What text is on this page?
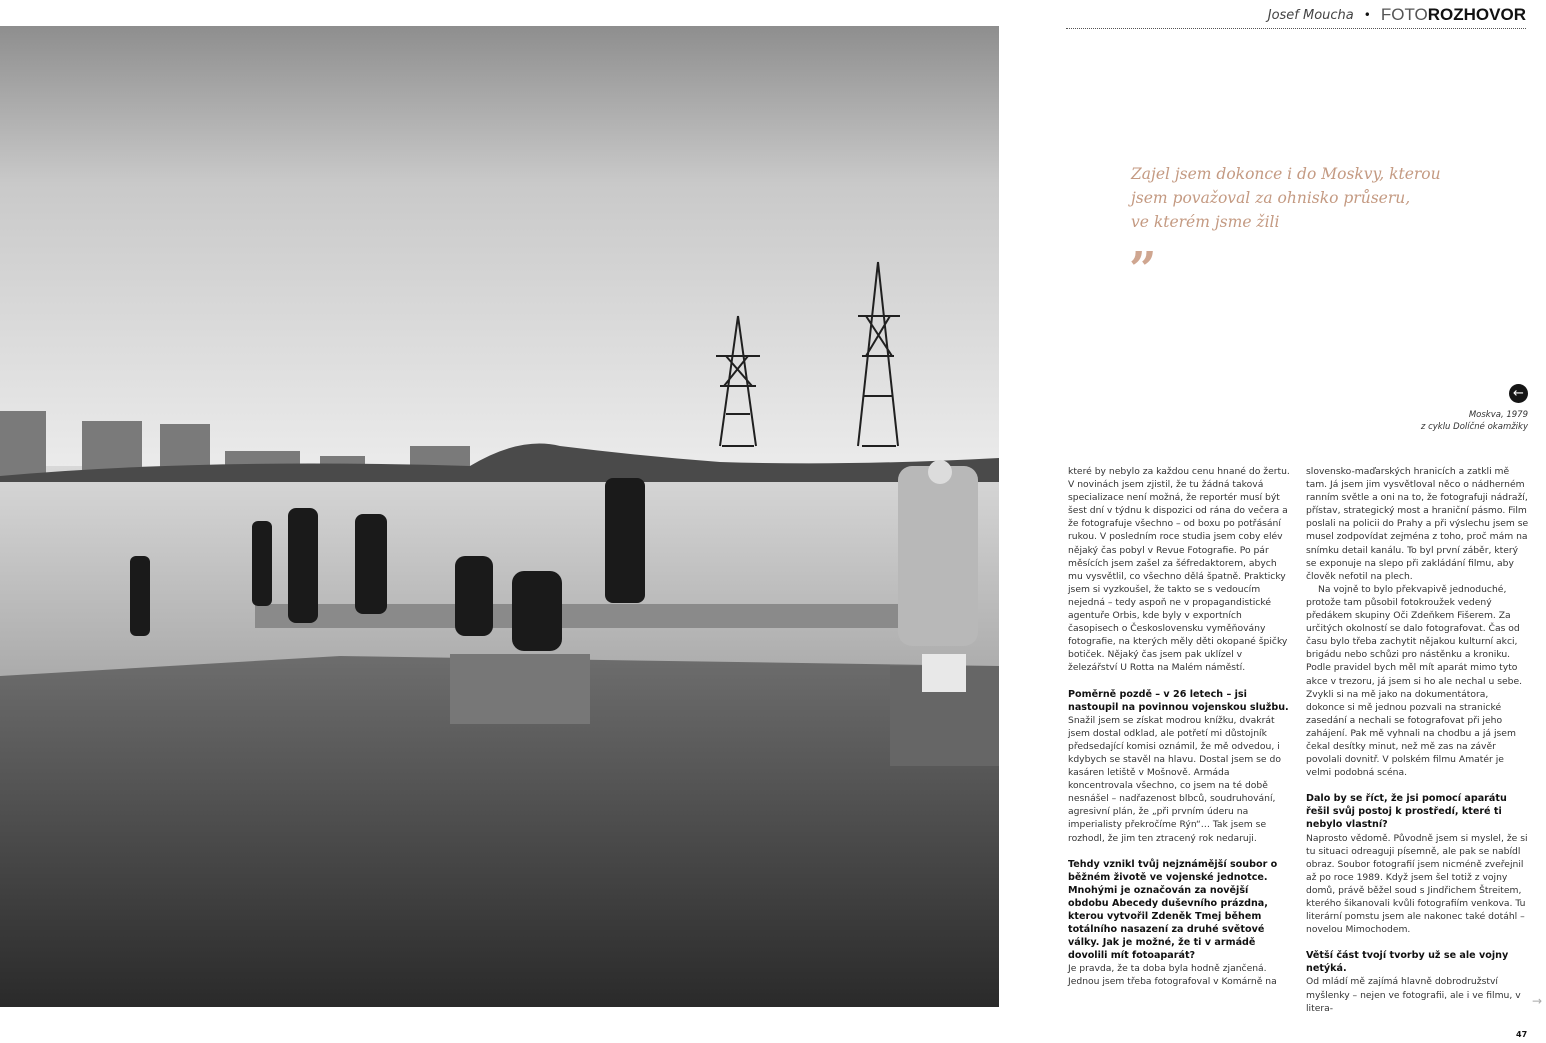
Josef Moucha • FOTOROZHOVOR

Zajel jsem dokonce i do Moskvy, kterou
jsem považoval za ohnisko průseru,
ve kterém jsme žili

”
←
Moskva, 1979
z cyklu Dolíčné okamžiky

které by nebylo za každou cenu hnané do žertu. V novinách jsem zjistil, že tu žádná taková specializace není možná, že reportér musí být šest dní v týdnu k dispozici od rána do večera a že fotografuje všechno – od boxu po potřásání rukou. V posledním roce studia jsem coby elév nějaký čas pobyl v Revue Fotografie. Po pár měsících jsem zašel za šéfredaktorem, abych mu vysvětlil, co všechno dělá špatně. Prakticky jsem si vyzkoušel, že takto se s vedoucím nejedná – tedy aspoň ne v propagandistické agentuře Orbis, kde byly v exportních časopisech o Československu vyměňovány fotografie, na kterých měly děti okopané špičky botiček. Nějaký čas jsem pak uklízel v železářství U Rotta na Malém náměstí.

Poměrně pozdě – v 26 letech – jsi nastoupil na povinnou vojenskou službu.

Snažil jsem se získat modrou knížku, dvakrát jsem dostal odklad, ale potřetí mi důstojník předsedající komisi oznámil, že mě odvedou, i kdybych se stavěl na hlavu. Dostal jsem se do kasáren letiště v Mošnově. Armáda koncentrovala všechno, co jsem na té době nesnášel – nadřazenost blbců, soudruhování, agresivní plán, že „při prvním úderu na imperialisty překročíme Rýn“… Tak jsem se rozhodl, že jim ten ztracený rok nedaruji.

Tehdy vznikl tvůj nejznámější soubor o běžném životě ve vojenské jednotce. Mnohými je označován za novější obdobu Abecedy duševního prázdna, kterou vytvořil Zdeněk Tmej během totálního nasazení za druhé světové války. Jak je možné, že ti v armádě dovolili mít fotoaparát?

Je pravda, že ta doba byla hodně zjančená. Jednou jsem třeba fotografoval v Komárně na

slovensko-maďarských hranicích a zatkli mě tam. Já jsem jim vysvětloval něco o nádherném ranním světle a oni na to, že fotografuji nádraží, přístav, strategický most a hraniční pásmo. Film poslali na policii do Prahy a při výslechu jsem se musel zodpovídat zejména z toho, proč mám na snímku detail kanálu. To byl první záběr, který se exponuje na slepo při zakládání filmu, aby člověk nefotil na plech.

Na vojně to bylo překvapivě jednoduché, protože tam působil fotokroužek vedený předákem skupiny Oči Zdeňkem Fišerem. Za určitých okolností se dalo fotografovat. Čas od času bylo třeba zachytit nějakou kulturní akci, brigádu nebo schůzi pro nástěnku a kroniku. Podle pravidel bych měl mít aparát mimo tyto akce v trezoru, já jsem si ho ale nechal u sebe. Zvykli si na mě jako na dokumentátora, dokonce si mě jednou pozvali na stranické zasedání a nechali se fotografovat při jeho zahájení. Pak mě vyhnali na chodbu a já jsem čekal desítky minut, než mě zas na závěr povolali dovnitř. V polském filmu Amatér je velmi podobná scéna.

Dalo by se říct, že jsi pomocí aparátu řešil svůj postoj k prostředí, které ti nebylo vlastní?

Naprosto vědomě. Původně jsem si myslel, že si tu situaci odreaguji písemně, ale pak se nabídl obraz. Soubor fotografií jsem nicméně zveřejnil až po roce 1989. Když jsem šel totiž z vojny domů, právě běžel soud s Jindřichem Štreitem, kterého šikanovali kvůli fotografiím venkova. Tu literární pomstu jsem ale nakonec také dotáhl – novelou Mimochodem.

Větší část tvojí tvorby už se ale vojny netýká.

Od mládí mě zajímá hlavně dobrodružství myšlenky – nejen ve fotografii, ale i ve filmu, v litera-

→
47
